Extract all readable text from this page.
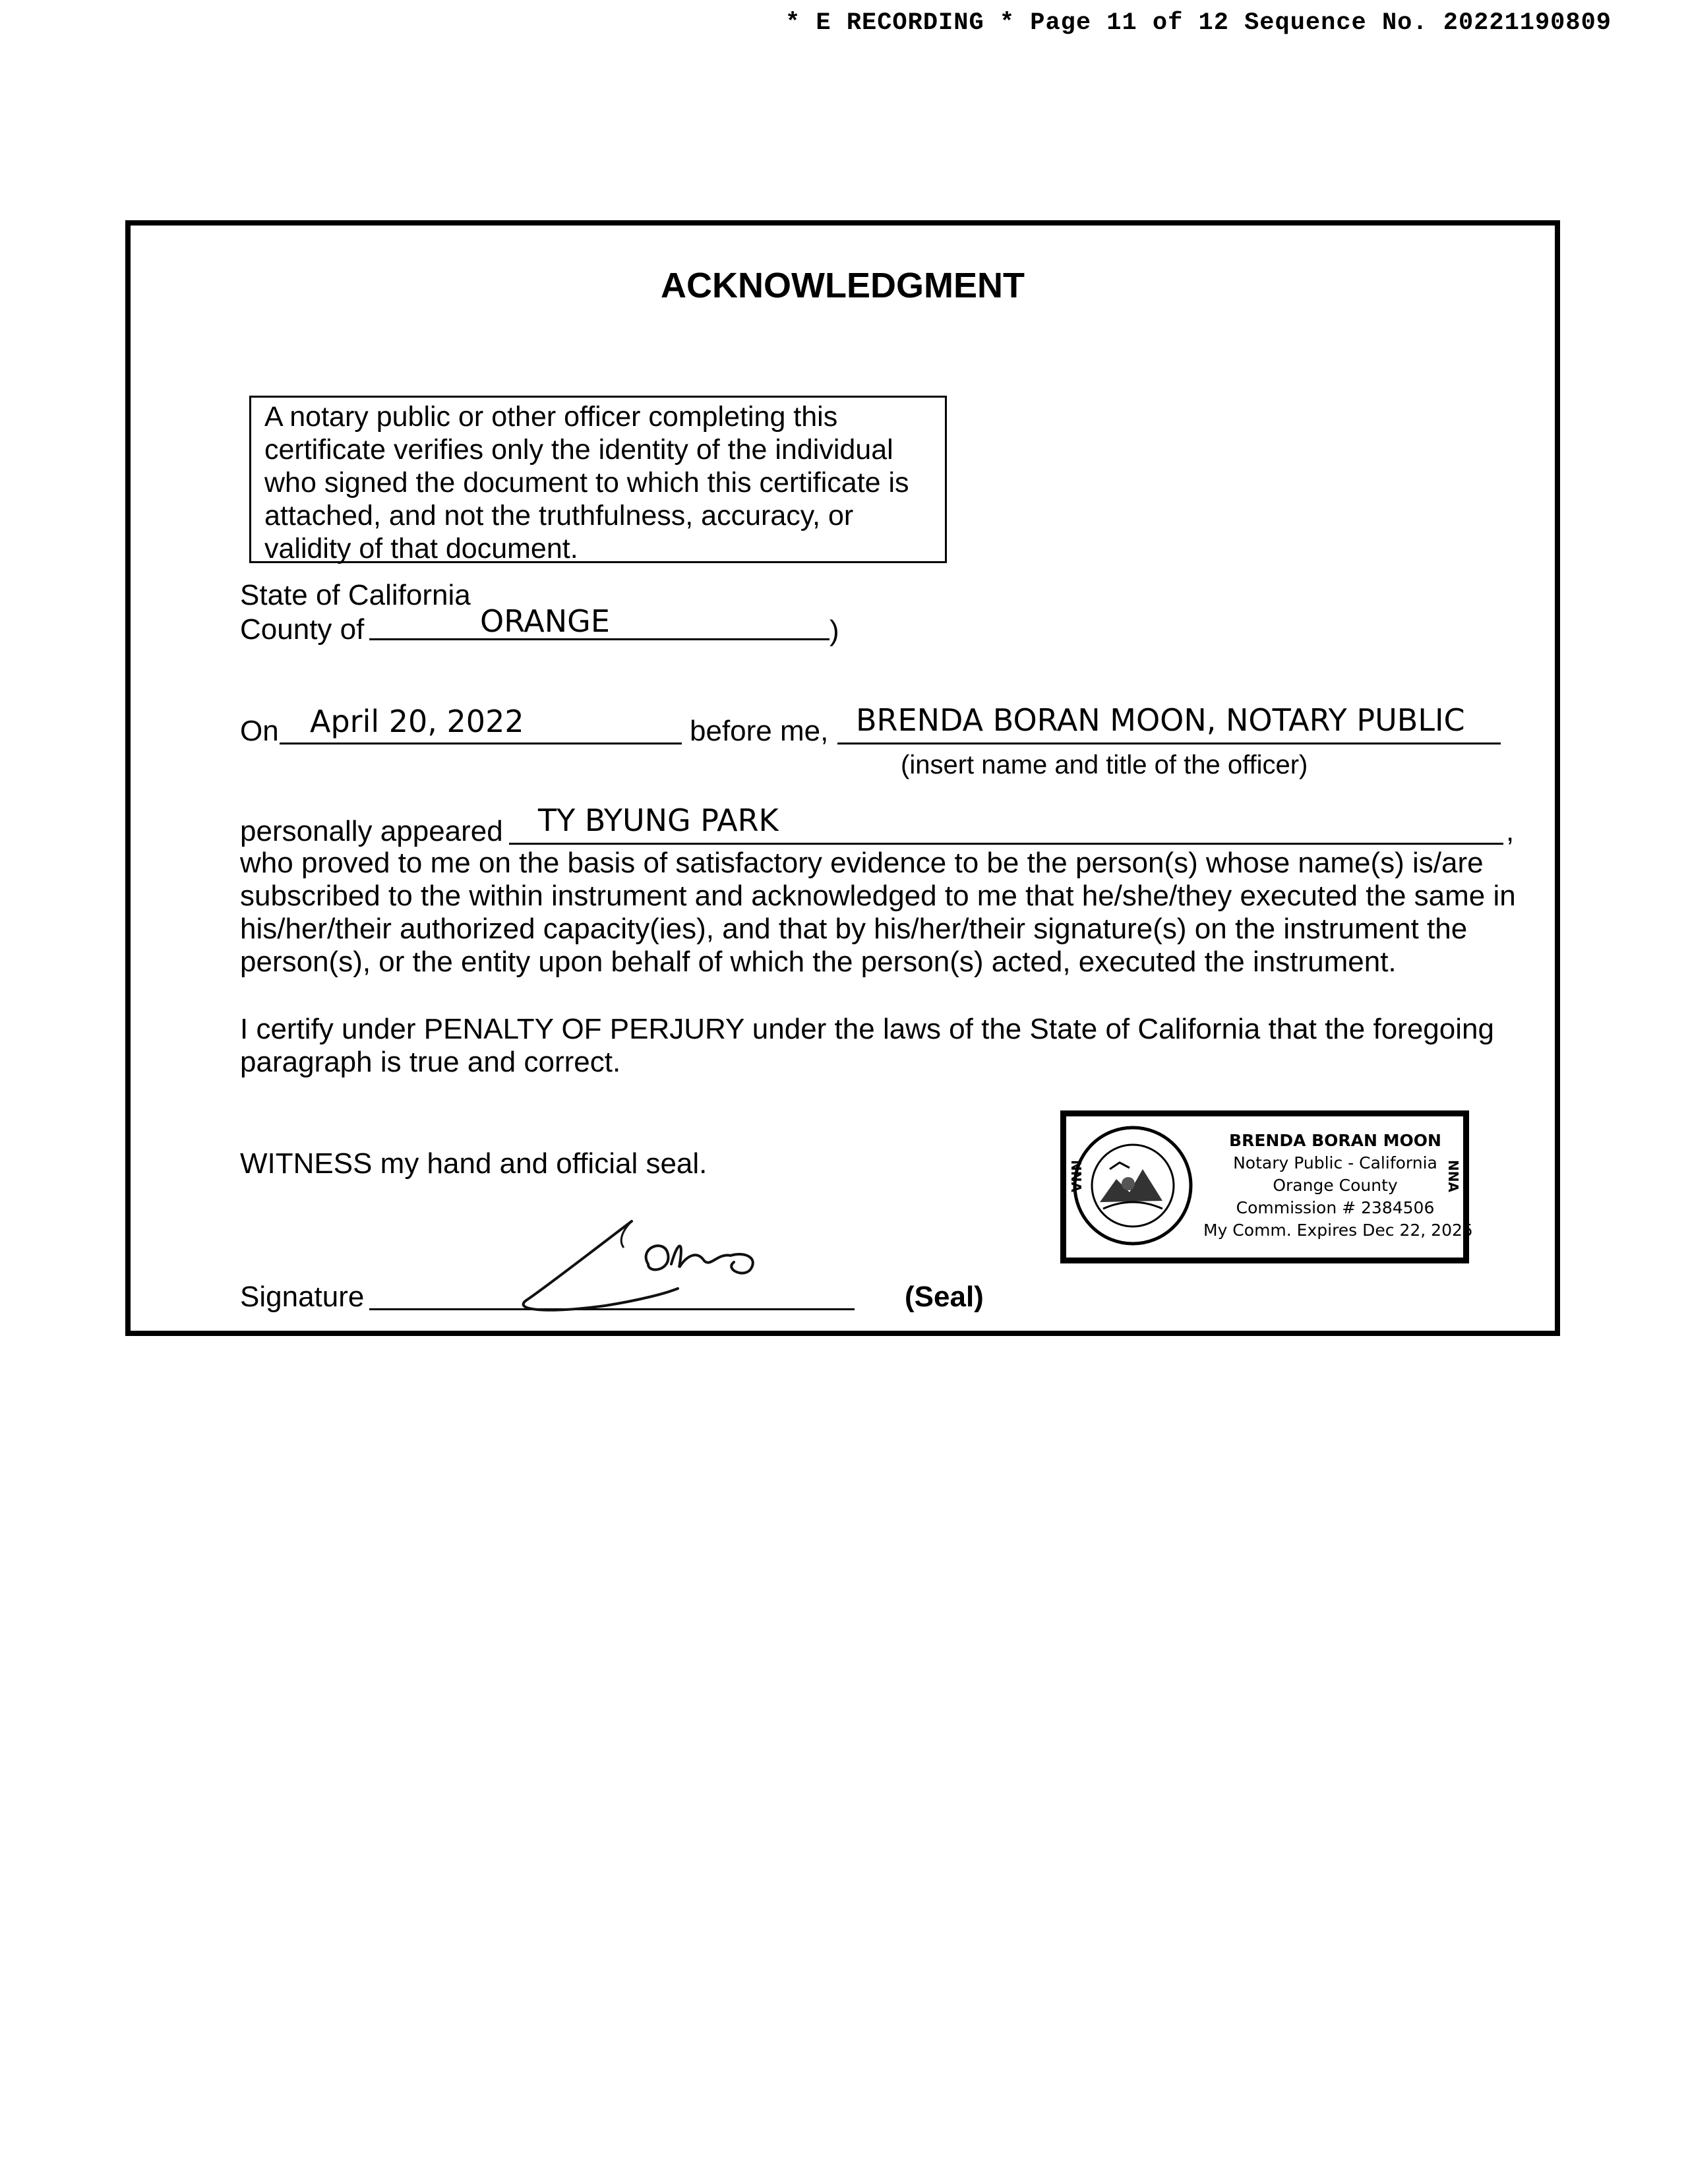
* E RECORDING * Page 11 of 12 Sequence No. 20221190809
ACKNOWLEDGMENT
A notary public or other officer completing this
certificate verifies only the identity of the individual
who signed the document to which this certificate is
attached, and not the truthfulness, accuracy, or
validity of that document.
State of California
County of	ORANGE	)
On April 20, 2022	before me, BRENDA BORAN MOON, NOTARY PUBLIC
(insert name and title of the officer)
personally appeared TY BYUNG PARK	,
who proved to me on the basis of satisfactory evidence to be the person(s) whose name(s) is/are
subscribed to the within instrument and acknowledged to me that he/she/they executed the same in
his/her/their authorized capacity(ies), and that by his/her/their signature(s) on the instrument the
person(s), or the entity upon behalf of which the person(s) acted, executed the instrument.
I certify under PENALTY OF PERJURY under the laws of the State of California that the foregoing
paragraph is true and correct.
WITNESS my hand and official seal.
Signature	(Seal)
NNA	NNA
BRENDA BORAN MOON
Notary Public - California
Orange County
Commission # 2384506
My Comm. Expires Dec 22, 2025
